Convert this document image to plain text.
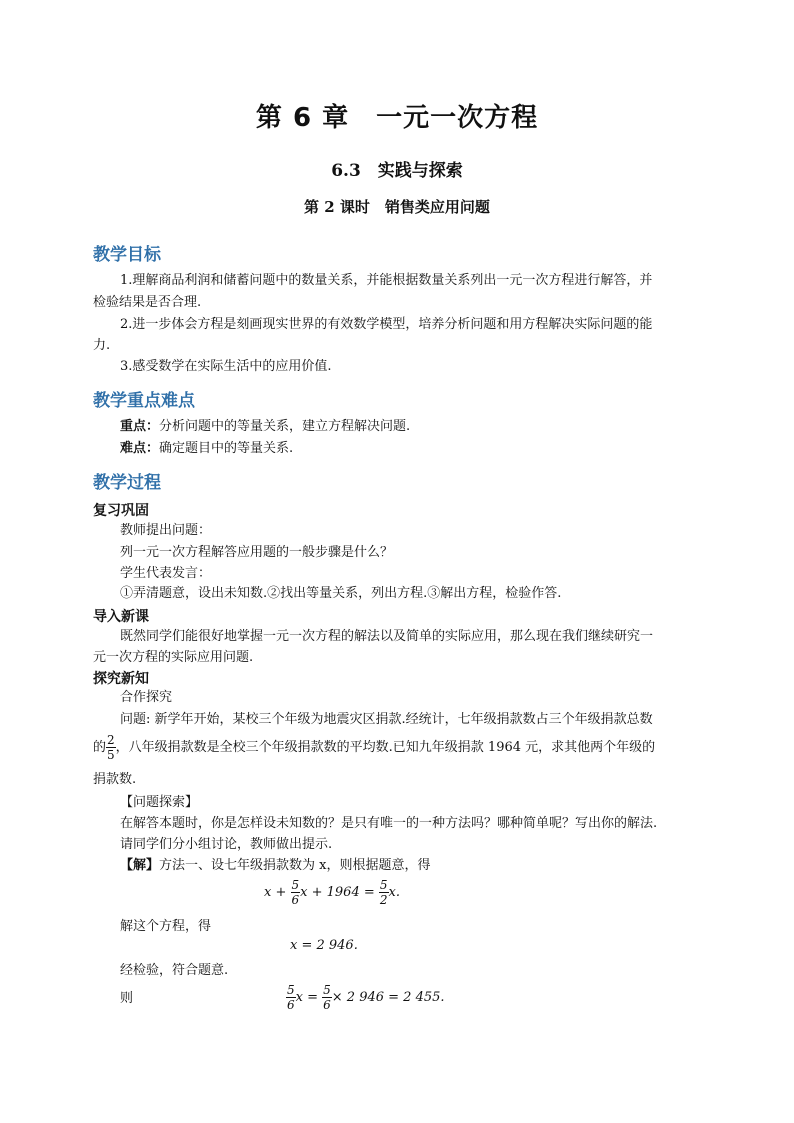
第 6 章　一元一次方程
6.3　实践与探索
第 2 课时　销售类应用问题
教学目标
1.理解商品利润和储蓄问题中的数量关系，并能根据数量关系列出一元一次方程进行解答，并
检验结果是否合理.
2.进一步体会方程是刻画现实世界的有效数学模型，培养分析问题和用方程解决实际问题的能
力.
3.感受数学在实际生活中的应用价值.
教学重点难点
重点：分析问题中的等量关系，建立方程解决问题.
难点：确定题目中的等量关系.
教学过程
复习巩固
教师提出问题：
列一元一次方程解答应用题的一般步骤是什么？
学生代表发言：
①弄清题意，设出未知数.②找出等量关系，列出方程.③解出方程，检验作答.
导入新课
既然同学们能很好地掌握一元一次方程的解法以及简单的实际应用，那么现在我们继续研究一
元一次方程的实际应用问题.
探究新知
合作探究
问题: 新学年开始，某校三个年级为地震灾区捐款.经统计，七年级捐款数占三个年级捐款总数
的 $\frac{2}{5}$ ，八年级捐款数是全校三个年级捐款数的平均数.已知九年级捐款 1964 元，求其他两个年级的
捐款数.
【问题探索】
在解答本题时，你是怎样设未知数的？是只有唯一的一种方法吗？哪种简单呢？写出你的解法.
请同学们分小组讨论，教师做出提示.
【解】方法一、设七年级捐款数为 x，则根据题意，得
$x + \frac{5}{6}$ $x + 1964 = \frac{5}{2} x$.
解这个方程，得
x = 2 946.
经检验，符合题意.
则	$\frac{5}{6}$ $x = \frac{5}{6} \times 2$ 946 = 2 455.
